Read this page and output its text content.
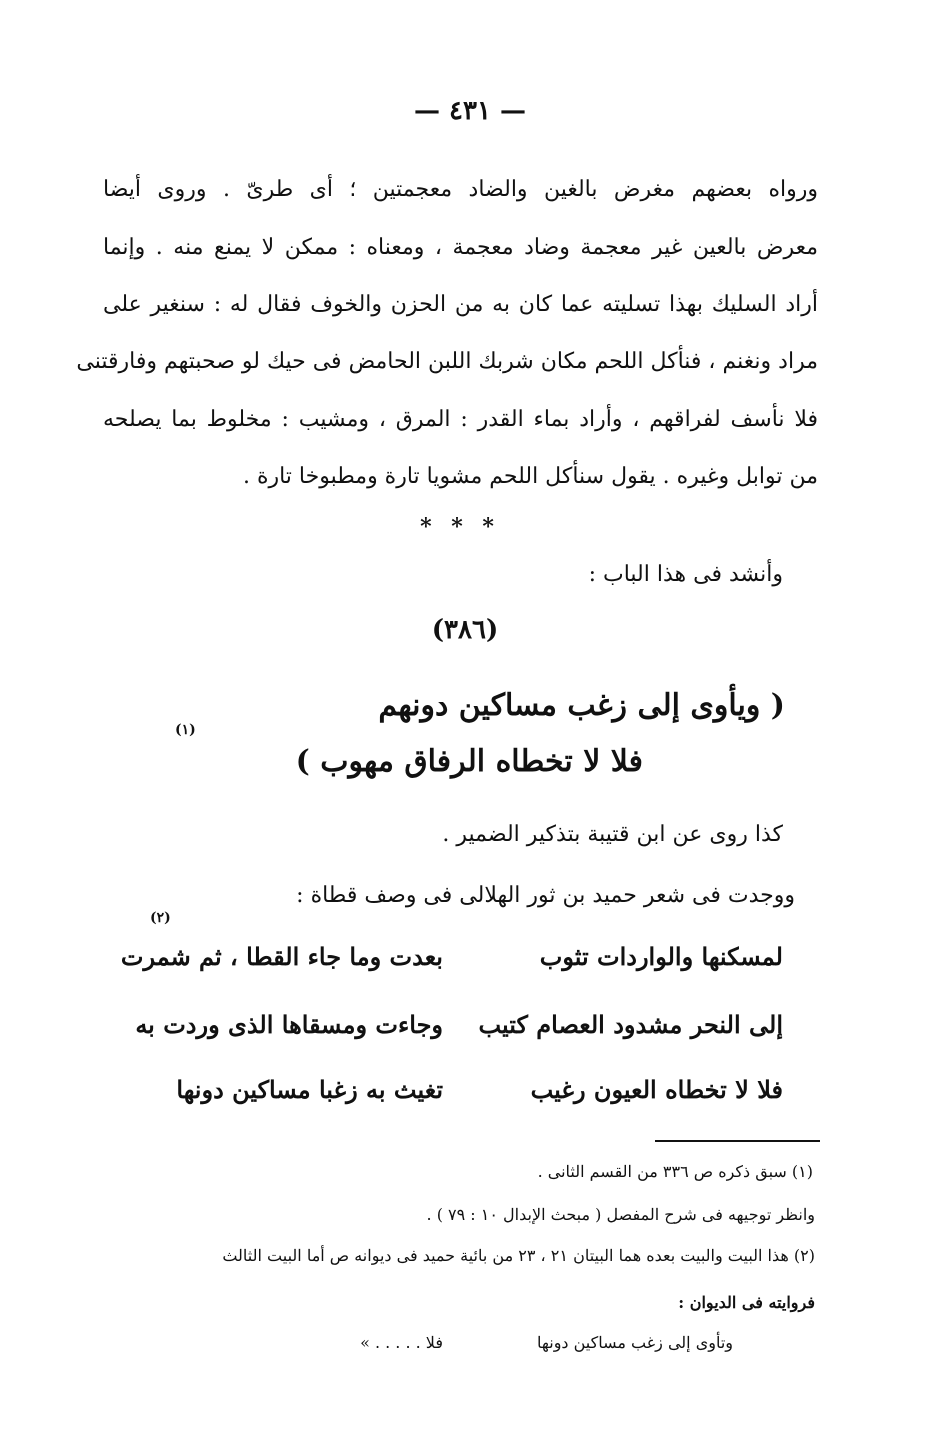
— ٤٣١ —
ورواه بعضهم مغرض بالغين والضاد معجمتين ؛ أى طرىّ . وروى أيضا
معرض بالعين غير معجمة وضاد معجمة ، ومعناه : ممكن لا يمنع منه . وإنما
أراد السليك بهذا تسليته عما كان به من الحزن والخوف فقال له : سنغير على
مراد ونغنم ، فنأكل اللحم مكان شربك اللبن الحامض فى حيك لو صحبتهم وفارقتنى
فلا نأسف لفراقهم ، وأراد بماء القدر : المرق ، ومشيب : مخلوط بما يصلحه
من توابل وغيره . يقول سنأكل اللحم مشويا تارة ومطبوخا تارة .
* * *
وأنشد فى هذا الباب :
(٣٨٦)
( ويأوى إلى زغب مساكين دونهم
(١)
فلا لا تخطاه الرفاق مهوب )
كذا روى عن ابن قتيبة بتذكير الضمير .
ووجدت فى شعر حميد بن ثور الهلالى فى وصف قطاة :
(٢)
بعدت وما جاء القطا ، ثم شمرت	لمسكنها والواردات تثوب
وجاءت ومسقاها الذى وردت به إلى النحر مشدود العصام كتيب
تغيث به زغبا مساكين دونها	فلا لا تخطاه العيون رغيب
(١) سبق ذكره ص ٣٣٦ من القسم الثانى .
وانظر توجيهه فى شرح المفصل ( مبحث الإبدال ١٠ : ٧٩ ) .
(٢) هذا البيت والبيت بعده هما البيتان ٢١ ، ٢٣ من بائية حميد فى ديوانه ص أما البيت الثالث
فروايته فى الديوان :
وتأوى إلى زغب مساكين دونها
فلا . . . . . »
